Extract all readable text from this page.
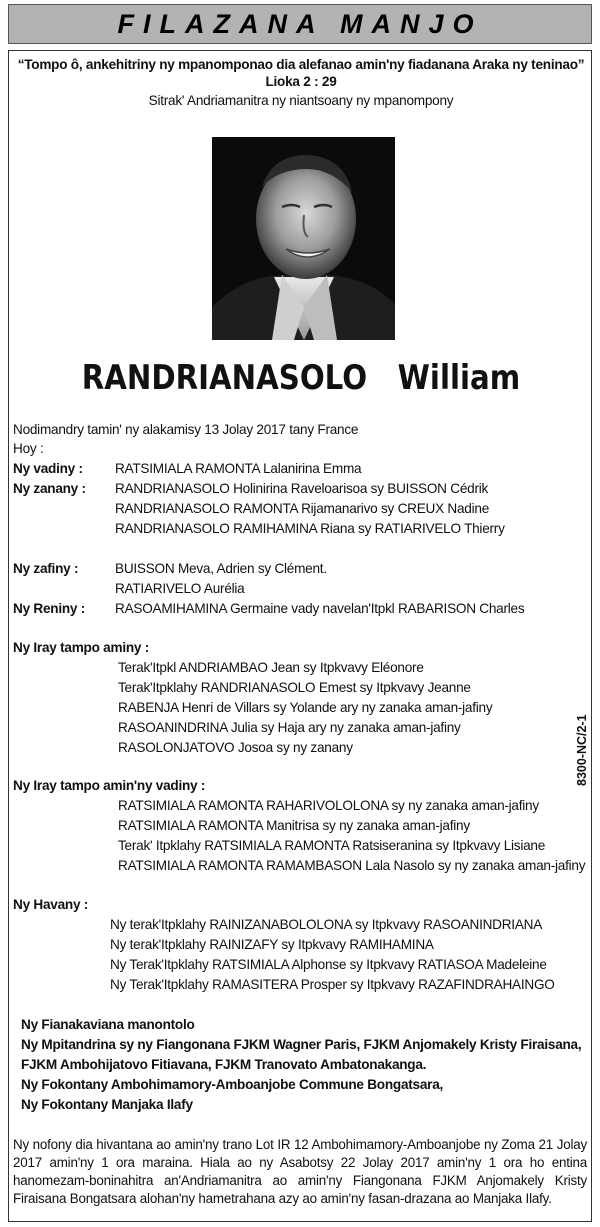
FILAZANA MANJO
“Tompo ô, ankehitriny ny mpanomponao dia alefanao amin'ny fiadanana Araka ny teninao”
Lioka 2 : 29
Sitrak' Andriamanitra ny niantsoany ny mpanompony
RANDRIANASOLO William
Nodimandry tamin' ny alakamisy 13 Jolay 2017 tany France
Hoy :
Ny vadiny : RATSIMIALA RAMONTA Lalanirina Emma
Ny zanany : RANDRIANASOLO Holinirina Raveloarisoa sy BUISSON Cédrik
RANDRIANASOLO RAMONTA Rijamanarivo sy CREUX Nadine
RANDRIANASOLO RAMIHAMINA Riana sy RATIARIVELO Thierry
Ny zafiny :	BUISSON Meva, Adrien sy Clément.
RATIARIVELO Aurélia
Ny Reniny : RASOAMIHAMINA Germaine vady navelan'Itpkl RABARISON Charles
Ny Iray tampo aminy :
Terak'Itpkl ANDRIAMBAO Jean sy Itpkvavy Eléonore
Terak'Itpklahy RANDRIANASOLO Emest sy Itpkvavy Jeanne
RABENJA Henri de Villars sy Yolande ary ny zanaka aman-jafiny
RASOANINDRINA Julia sy Haja ary ny zanaka aman-jafiny
RASOLONJATOVO Josoa sy ny zanany
Ny Iray tampo amin'ny vadiny :
RATSIMIALA RAMONTA RAHARIVOLOLONA sy ny zanaka aman-jafiny
RATSIMIALA RAMONTA Manitrisa sy ny zanaka aman-jafiny
Terak' Itpklahy RATSIMIALA RAMONTA Ratsiseranina sy Itpkvavy Lisiane
RATSIMIALA RAMONTA RAMAMBASON Lala Nasolo sy ny zanaka aman-jafiny
Ny Havany :
Ny terak'Itpklahy RAINIZANABOLOLONA sy Itpkvavy RASOANINDRIANA
Ny terak'Itpklahy RAINIZAFY sy Itpkvavy RAMIHAMINA
Ny Terak'Itpklahy RATSIMIALA Alphonse sy Itpkvavy RATIASOA Madeleine
Ny Terak'Itpklahy RAMASITERA Prosper sy Itpkvavy RAZAFINDRAHAINGO
Ny Fianakaviana manontolo
Ny Mpitandrina sy ny Fiangonana FJKM Wagner Paris, FJKM Anjomakely Kristy Firaisana,
FJKM Ambohijatovo Fitiavana, FJKM Tranovato Ambatonakanga.
Ny Fokontany Ambohimamory-Amboanjobe Commune Bongatsara,
Ny Fokontany Manjaka Ilafy
Ny nofony dia hivantana ao amin'ny trano Lot IR 12 Ambohimamory-Amboanjobe ny Zoma 21 Jolay 2017 amin'ny 1 ora maraina. Hiala ao ny Asabotsy 22 Jolay 2017 amin'ny 1 ora ho entina hanomezam-boninahitra an'Andriamanitra ao amin'ny Fiangonana FJKM Anjomakely Kristy Firaisana Bongatsara alohan'ny hametrahana azy ao amin'ny fasan-drazana ao Manjaka Ilafy.
8300-NC/2-1
